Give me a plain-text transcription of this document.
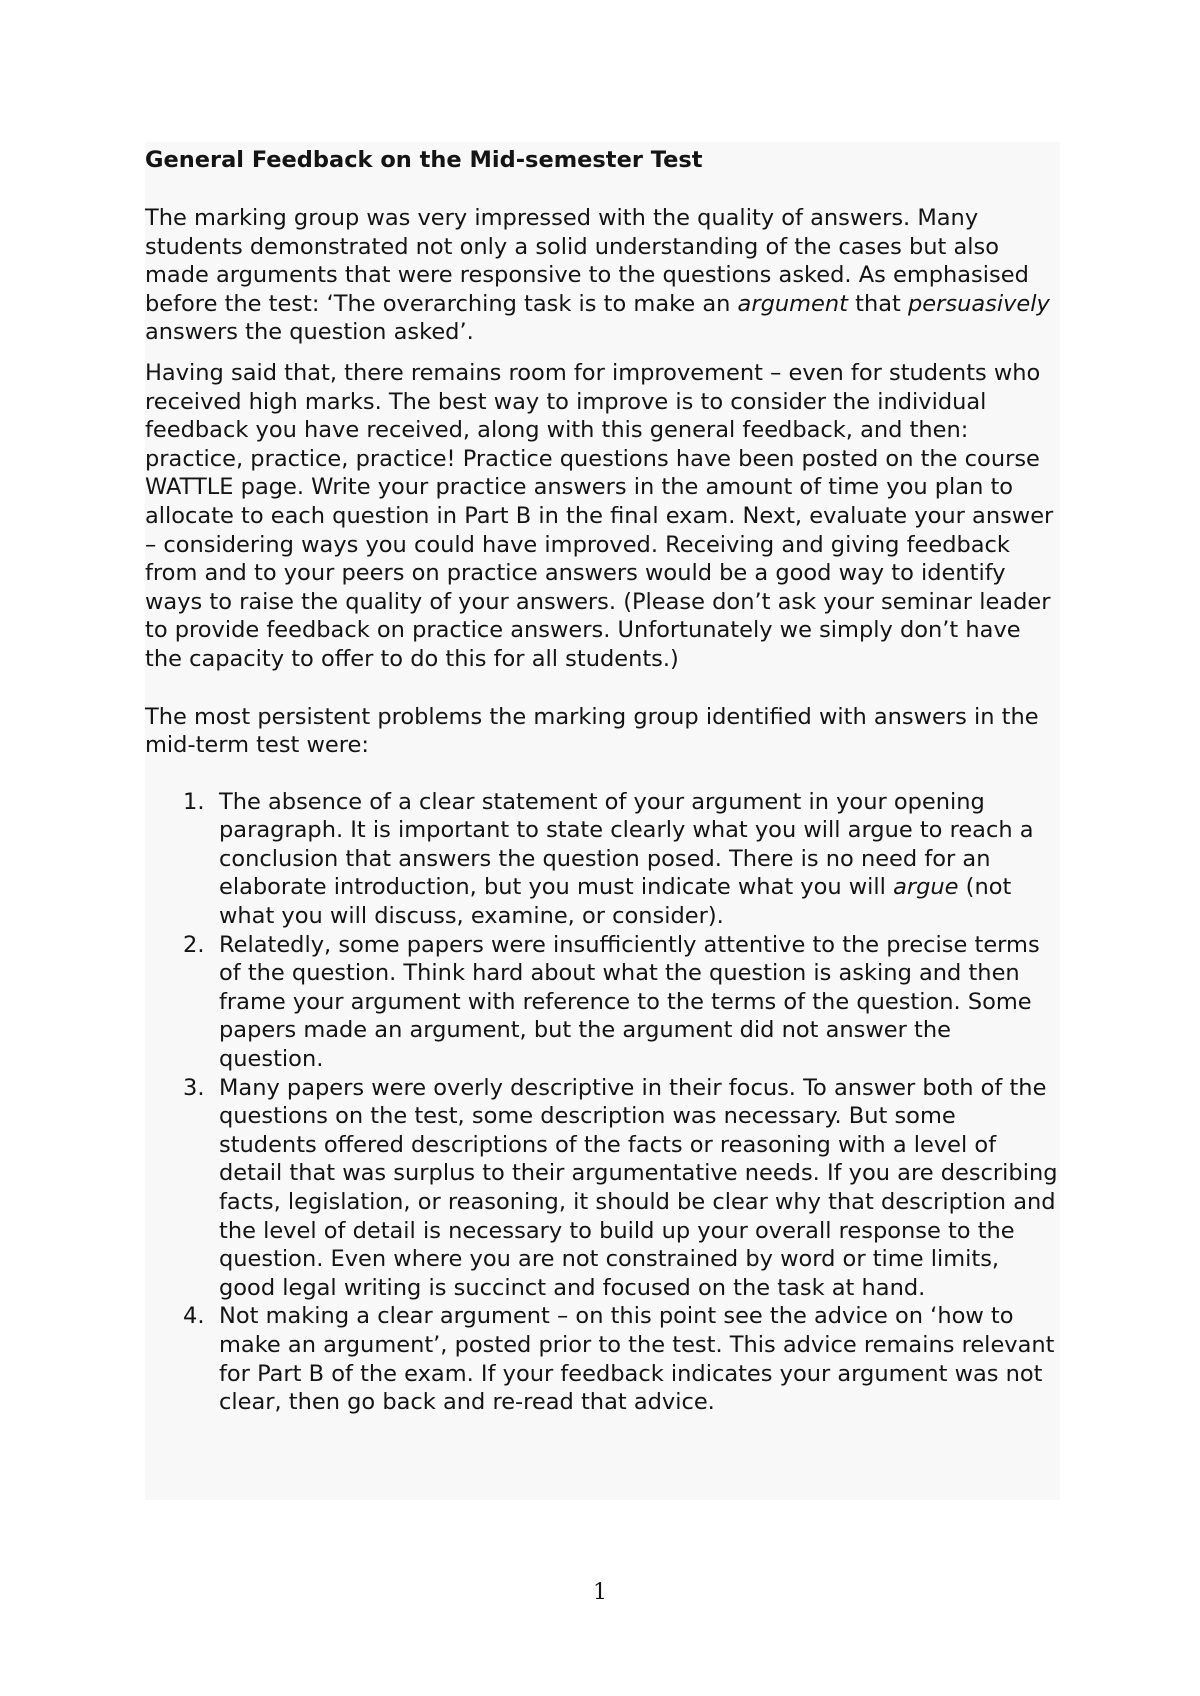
General Feedback on the Mid-semester Test

The marking group was very impressed with the quality of answers. Many students demonstrated not only a solid understanding of the cases but also made arguments that were responsive to the questions asked. As emphasised before the test: ‘The overarching task is to make an argument that persuasively answers the question asked’.

Having said that, there remains room for improvement – even for students who received high marks. The best way to improve is to consider the individual feedback you have received, along with this general feedback, and then: practice, practice, practice! Practice questions have been posted on the course WATTLE page. Write your practice answers in the amount of time you plan to allocate to each question in Part B in the final exam. Next, evaluate your answer – considering ways you could have improved. Receiving and giving feedback from and to your peers on practice answers would be a good way to identify ways to raise the quality of your answers. (Please don’t ask your seminar leader to provide feedback on practice answers. Unfortunately we simply don’t have the capacity to offer to do this for all students.)

The most persistent problems the marking group identified with answers in the mid-term test were:

1. The absence of a clear statement of your argument in your opening paragraph. It is important to state clearly what you will argue to reach a conclusion that answers the question posed. There is no need for an elaborate introduction, but you must indicate what you will argue (not what you will discuss, examine, or consider).
2. Relatedly, some papers were insufficiently attentive to the precise terms of the question. Think hard about what the question is asking and then frame your argument with reference to the terms of the question. Some papers made an argument, but the argument did not answer the question.
3. Many papers were overly descriptive in their focus. To answer both of the questions on the test, some description was necessary. But some students offered descriptions of the facts or reasoning with a level of detail that was surplus to their argumentative needs. If you are describing facts, legislation, or reasoning, it should be clear why that description and the level of detail is necessary to build up your overall response to the question. Even where you are not constrained by word or time limits, good legal writing is succinct and focused on the task at hand.
4. Not making a clear argument – on this point see the advice on ‘how to make an argument’, posted prior to the test. This advice remains relevant for Part B of the exam. If your feedback indicates your argument was not clear, then go back and re-read that advice.
1
